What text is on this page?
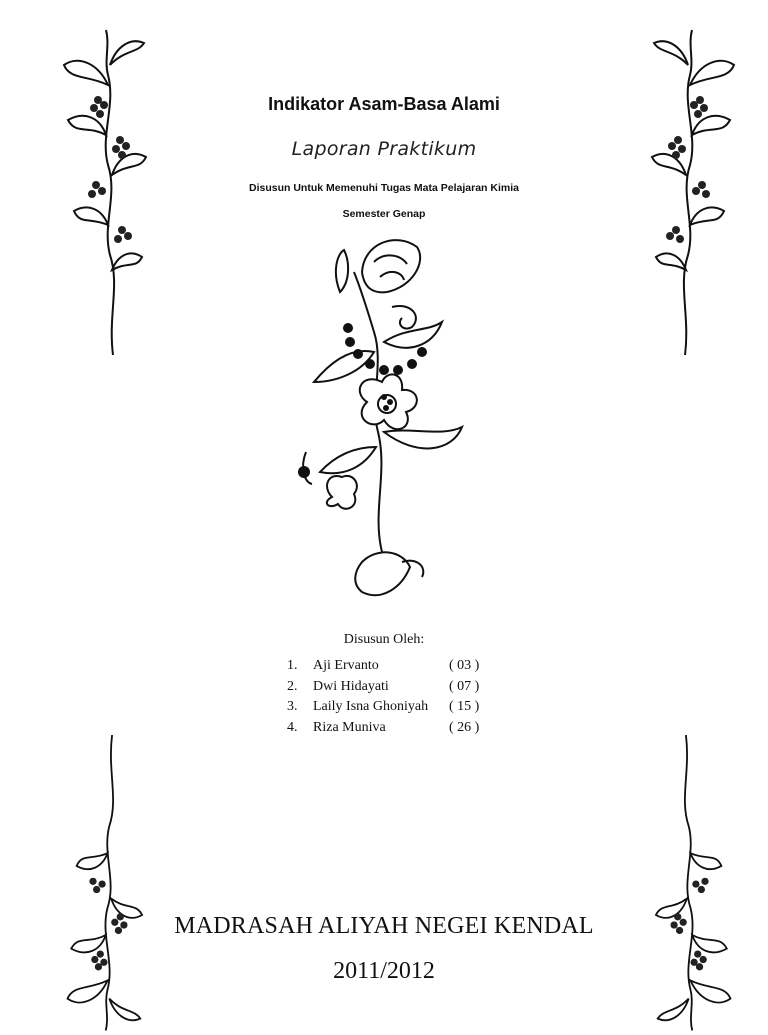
Indikator Asam-Basa Alami
Laporan Praktikum
Disusun Untuk Memenuhi Tugas Mata Pelajaran Kimia
Semester Genap
Disusun Oleh:
1. Aji Ervanto	( 03 )
2. Dwi Hidayati	( 07 )
3. Laily Isna Ghoniyah ( 15 )
4. Riza Muniva	( 26 )
MADRASAH ALIYAH NEGEI KENDAL
2011/2012
